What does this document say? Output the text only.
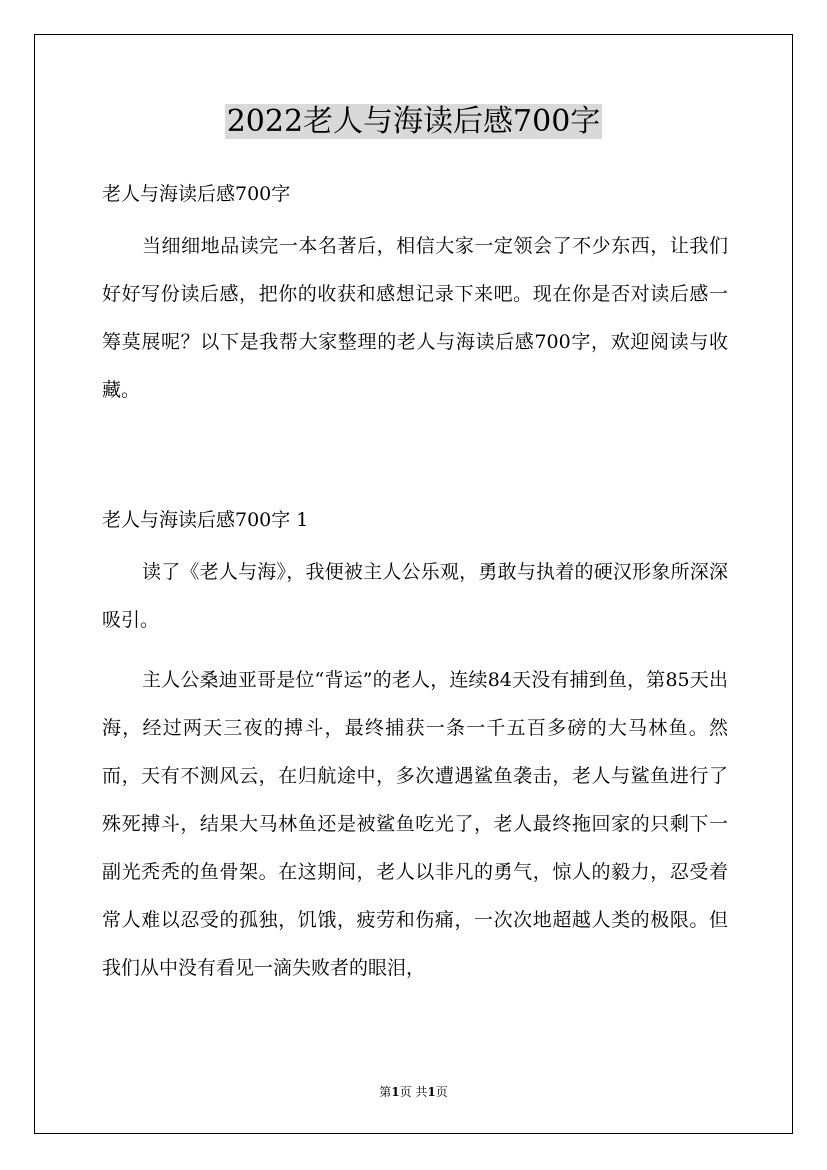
2022老人与海读后感700字
老人与海读后感700字

当细细地品读完一本名著后，相信大家一定领会了不少东西，让我们好好写份读后感，把你的收获和感想记录下来吧。现在你是否对读后感一筹莫展呢？以下是我帮大家整理的老人与海读后感700字，欢迎阅读与收藏。

老人与海读后感700字 1

读了《老人与海》，我便被主人公乐观，勇敢与执着的硬汉形象所深深吸引。

主人公桑迪亚哥是位“背运”的老人，连续84天没有捕到鱼，第85天出海，经过两天三夜的搏斗，最终捕获一条一千五百多磅的大马林鱼。然而，天有不测风云，在归航途中，多次遭遇鲨鱼袭击，老人与鲨鱼进行了殊死搏斗，结果大马林鱼还是被鲨鱼吃光了，老人最终拖回家的只剩下一副光秃秃的鱼骨架。在这期间，老人以非凡的勇气，惊人的毅力，忍受着常人难以忍受的孤独，饥饿，疲劳和伤痛，一次次地超越人类的极限。但我们从中没有看见一滴失败者的眼泪，

第1页 共1页
